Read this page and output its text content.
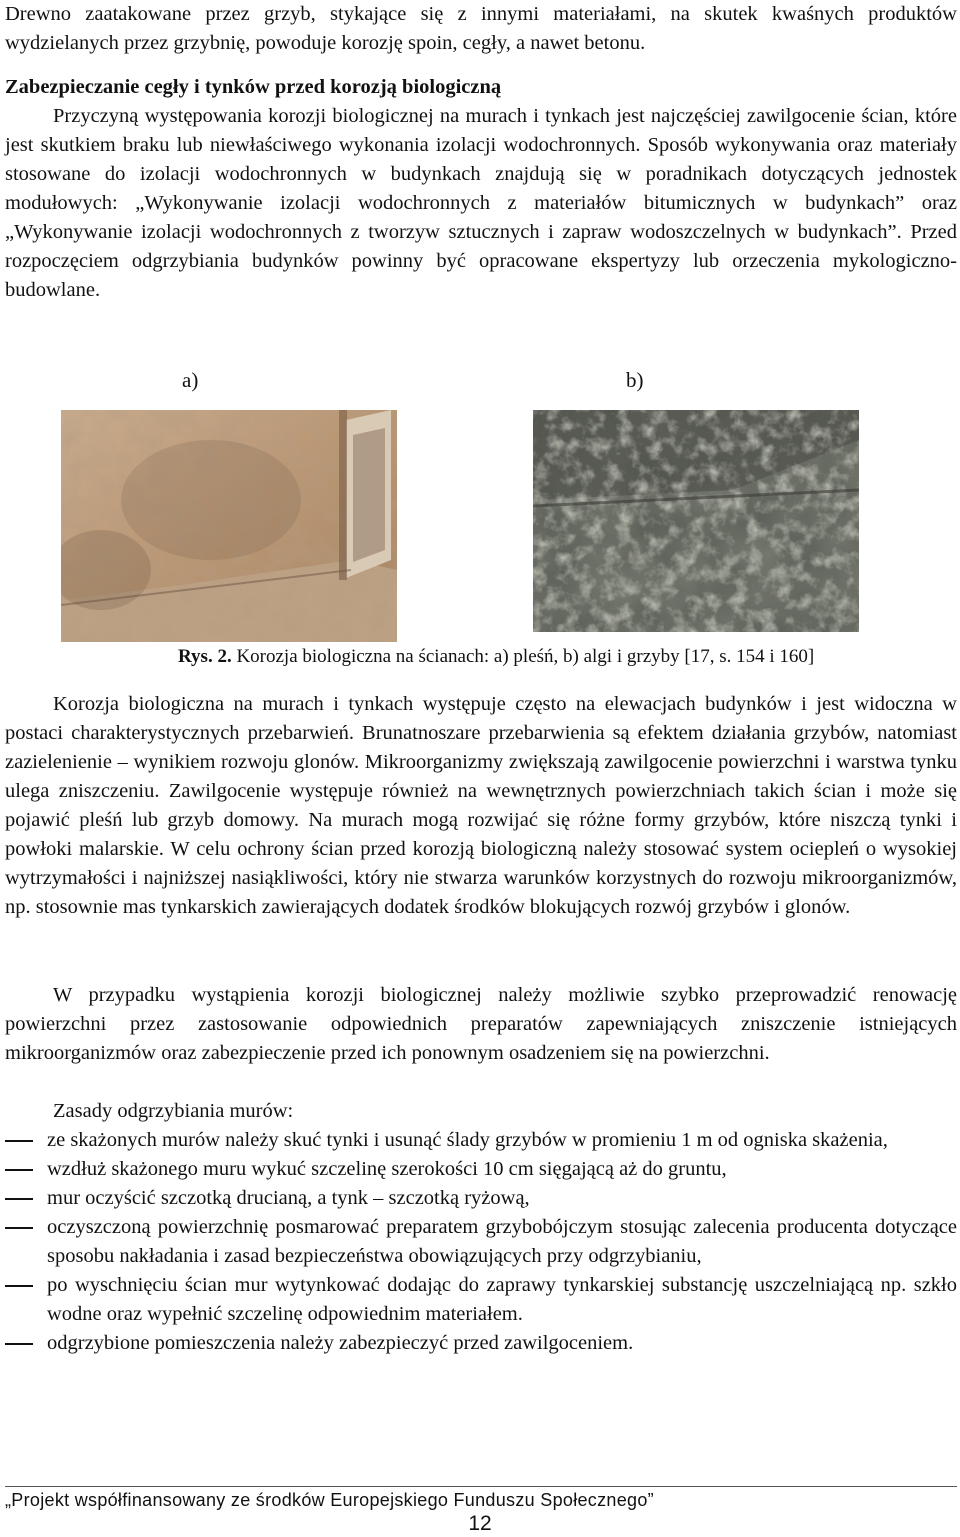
Drewno zaatakowane przez grzyb, stykające się z innymi materiałami, na skutek kwaśnych produktów wydzielanych przez grzybnię, powoduje korozję spoin, cegły, a nawet betonu.

Zabezpieczanie cegły i tynków przed korozją biologiczną

Przyczyną występowania korozji biologicznej na murach i tynkach jest najczęściej zawilgocenie ścian, które jest skutkiem braku lub niewłaściwego wykonania izolacji wodochronnych. Sposób wykonywania oraz materiały stosowane do izolacji wodochronnych w budynkach znajdują się w poradnikach dotyczących jednostek modułowych: „Wykonywanie izolacji wodochronnych z materiałów bitumicznych w budynkach” oraz „Wykonywanie izolacji wodochronnych z tworzyw sztucznych i zapraw wodoszczelnych w budynkach”. Przed rozpoczęciem odgrzybiania budynków powinny być opracowane ekspertyzy lub orzeczenia mykologiczno-budowlane.

a)	b)
Rys. 2. Korozja biologiczna na ścianach: a) pleśń, b) algi i grzyby [17, s. 154 i 160]

Korozja biologiczna na murach i tynkach występuje często na elewacjach budynków i jest widoczna w postaci charakterystycznych przebarwień. Brunatnoszare przebarwienia są efektem działania grzybów, natomiast zazielenienie – wynikiem rozwoju glonów. Mikroorganizmy zwiększają zawilgocenie powierzchni i warstwa tynku ulega zniszczeniu. Zawilgocenie występuje również na wewnętrznych powierzchniach takich ścian i może się pojawić pleśń lub grzyb domowy. Na murach mogą rozwijać się różne formy grzybów, które niszczą tynki i powłoki malarskie. W celu ochrony ścian przed korozją biologiczną należy stosować system ociepleń o wysokiej wytrzymałości i najniższej nasiąkliwości, który nie stwarza warunków korzystnych do rozwoju mikroorganizmów, np. stosownie mas tynkarskich zawierających dodatek środków blokujących rozwój grzybów i glonów.

W przypadku wystąpienia korozji biologicznej należy możliwie szybko przeprowadzić renowację powierzchni przez zastosowanie odpowiednich preparatów zapewniających zniszczenie istniejących mikroorganizmów oraz zabezpieczenie przed ich ponownym osadzeniem się na powierzchni.

Zasady odgrzybiania murów:

ze skażonych murów należy skuć tynki i usunąć ślady grzybów w promieniu 1 m od ogniska skażenia,
wzdłuż skażonego muru wykuć szczelinę szerokości 10 cm sięgającą aż do gruntu,
mur oczyścić szczotką drucianą, a tynk – szczotką ryżową,
oczyszczoną powierzchnię posmarować preparatem grzybobójczym stosując zalecenia producenta dotyczące sposobu nakładania i zasad bezpieczeństwa obowiązujących przy odgrzybianiu,
po wyschnięciu ścian mur wytynkować dodając do zaprawy tynkarskiej substancję uszczelniającą np. szkło wodne oraz wypełnić szczelinę odpowiednim materiałem.
odgrzybione pomieszczenia należy zabezpieczyć przed zawilgoceniem.
„Projekt współfinansowany ze środków Europejskiego Funduszu Społecznego”
12
